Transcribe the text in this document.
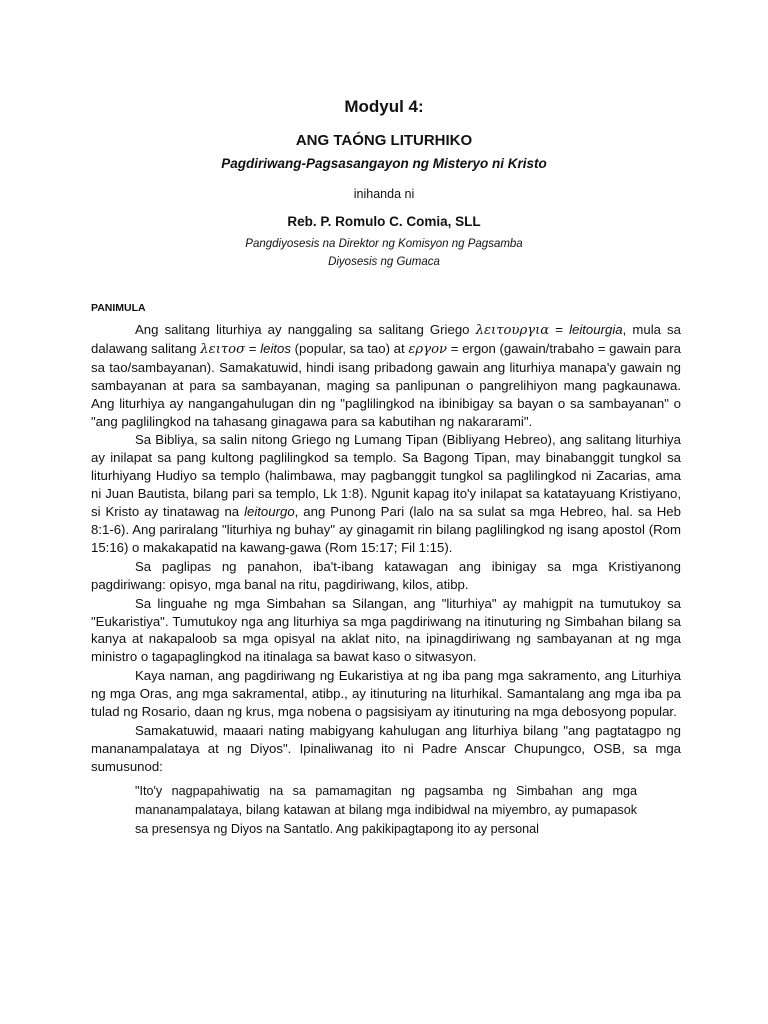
Modyul 4:
ANG TAÓNG LITURHIKO

Pagdiriwang-Pagsasangayon ng Misteryo ni Kristo

inihanda ni

Reb. P. Romulo C. Comia, SLL

Pangdiyosesis na Direktor ng Komisyon ng Pagsamba

Diyosesis ng Gumaca

PANIMULA

Ang salitang liturhiya ay nanggaling sa salitang Griego λειτουργια = leitourgia, mula sa dalawang salitang λειτοσ = leitos (popular, sa tao) at εργον = ergon (gawain/trabaho = gawain para sa tao/sambayanan). Samakatuwid, hindi isang pribadong gawain ang liturhiya manapa'y gawain ng sambayanan at para sa sambayanan, maging sa panlipunan o pangrelihiyon mang pagkaunawa. Ang liturhiya ay nangangahulugan din ng "paglilingkod na ibinibigay sa bayan o sa sambayanan" o "ang paglilingkod na tahasang ginagawa para sa kabutihan ng nakararami".

Sa Bibliya, sa salin nitong Griego ng Lumang Tipan (Bibliyang Hebreo), ang salitang liturhiya ay inilapat sa pang kultong paglilingkod sa templo. Sa Bagong Tipan, may binabanggit tungkol sa liturhiyang Hudiyo sa templo (halimbawa, may pagbanggit tungkol sa paglilingkod ni Zacarias, ama ni Juan Bautista, bilang pari sa templo, Lk 1:8). Ngunit kapag ito'y inilapat sa katatayuang Kristiyano, si Kristo ay tinatawag na leitourgo, ang Punong Pari (lalo na sa sulat sa mga Hebreo, hal. sa Heb 8:1-6). Ang pariralang "liturhiya ng buhay" ay ginagamit rin bilang paglilingkod ng isang apostol (Rom 15:16) o makakapatid na kawang-gawa (Rom 15:17; Fil 1:15).

Sa paglipas ng panahon, iba't-ibang katawagan ang ibinigay sa mga Kristiyanong pagdiriwang: opisyo, mga banal na ritu, pagdiriwang, kilos, atibp.

Sa linguahe ng mga Simbahan sa Silangan, ang "liturhiya" ay mahigpit na tumutukoy sa "Eukaristiya". Tumutukoy nga ang liturhiya sa mga pagdiriwang na itinuturing ng Simbahan bilang sa kanya at nakapaloob sa mga opisyal na aklat nito, na ipinagdiriwang ng sambayanan at ng mga ministro o tagapaglingkod na itinalaga sa bawat kaso o sitwasyon.

Kaya naman, ang pagdiriwang ng Eukaristiya at ng iba pang mga sakramento, ang Liturhiya ng mga Oras, ang mga sakramental, atibp., ay itinuturing na liturhikal. Samantalang ang mga iba pa tulad ng Rosario, daan ng krus, mga nobena o pagsisiyam ay itinuturing na mga debosyong popular.

Samakatuwid, maaari nating mabigyang kahulugan ang liturhiya bilang "ang pagtatagpo ng mananampalataya at ng Diyos". Ipinaliwanag ito ni Padre Anscar Chupungco, OSB, sa mga sumusunod:

"Ito'y nagpapahiwatig na sa pamamagitan ng pagsamba ng Simbahan ang mga mananampalataya, bilang katawan at bilang mga indibidwal na miyembro, ay pumapasok sa presensya ng Diyos na Santatlo. Ang pakikipagtapong ito ay personal
